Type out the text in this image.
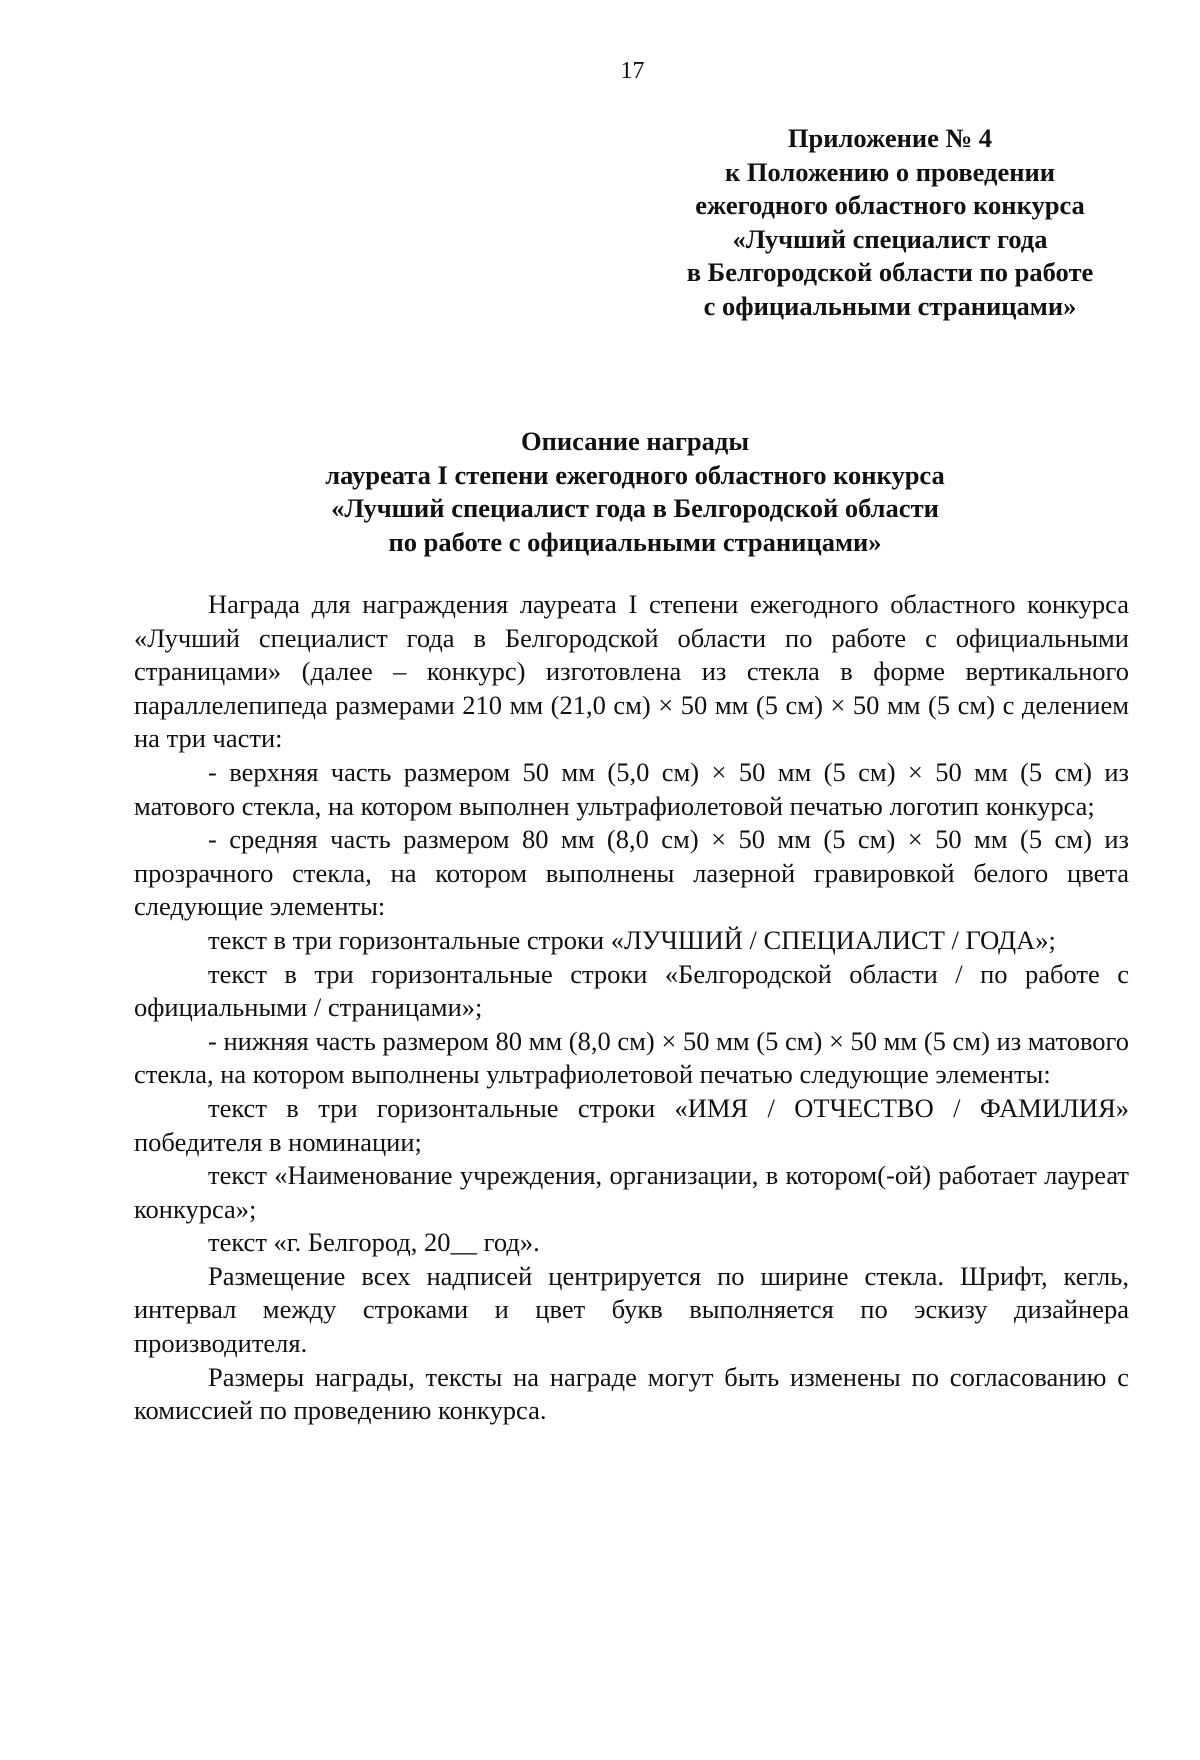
17
Приложение № 4
к Положению о проведении
ежегодного областного конкурса
«Лучший специалист года
в Белгородской области по работе
с официальными страницами»
Описание награды
лауреата I степени ежегодного областного конкурса
«Лучший специалист года в Белгородской области
по работе с официальными страницами»

Награда для награждения лауреата I степени ежегодного областного конкурса «Лучший специалист года в Белгородской области по работе с официальными страницами» (далее – конкурс) изготовлена из стекла в форме вертикального параллелепипеда размерами 210 мм (21,0 см) × 50 мм (5 см) × 50 мм (5 см) с делением на три части:

- верхняя часть размером 50 мм (5,0 см) × 50 мм (5 см) × 50 мм (5 см) из матового стекла, на котором выполнен ультрафиолетовой печатью логотип конкурса;

- средняя часть размером 80 мм (8,0 см) × 50 мм (5 см) × 50 мм (5 см) из прозрачного стекла, на котором выполнены лазерной гравировкой белого цвета следующие элементы:

текст в три горизонтальные строки «ЛУЧШИЙ / СПЕЦИАЛИСТ / ГОДА»;

текст в три горизонтальные строки «Белгородской области / по работе с официальными / страницами»;

- нижняя часть размером 80 мм (8,0 см) × 50 мм (5 см) × 50 мм (5 см) из матового стекла, на котором выполнены ультрафиолетовой печатью следующие элементы:

текст в три горизонтальные строки «ИМЯ / ОТЧЕСТВО / ФАМИЛИЯ» победителя в номинации;

текст «Наименование учреждения, организации, в котором(-ой) работает лауреат конкурса»;

текст «г. Белгород, 20__ год».

Размещение всех надписей центрируется по ширине стекла. Шрифт, кегль, интервал между строками и цвет букв выполняется по эскизу дизайнера производителя.

Размеры награды, тексты на награде могут быть изменены по согласованию с комиссией по проведению конкурса.
